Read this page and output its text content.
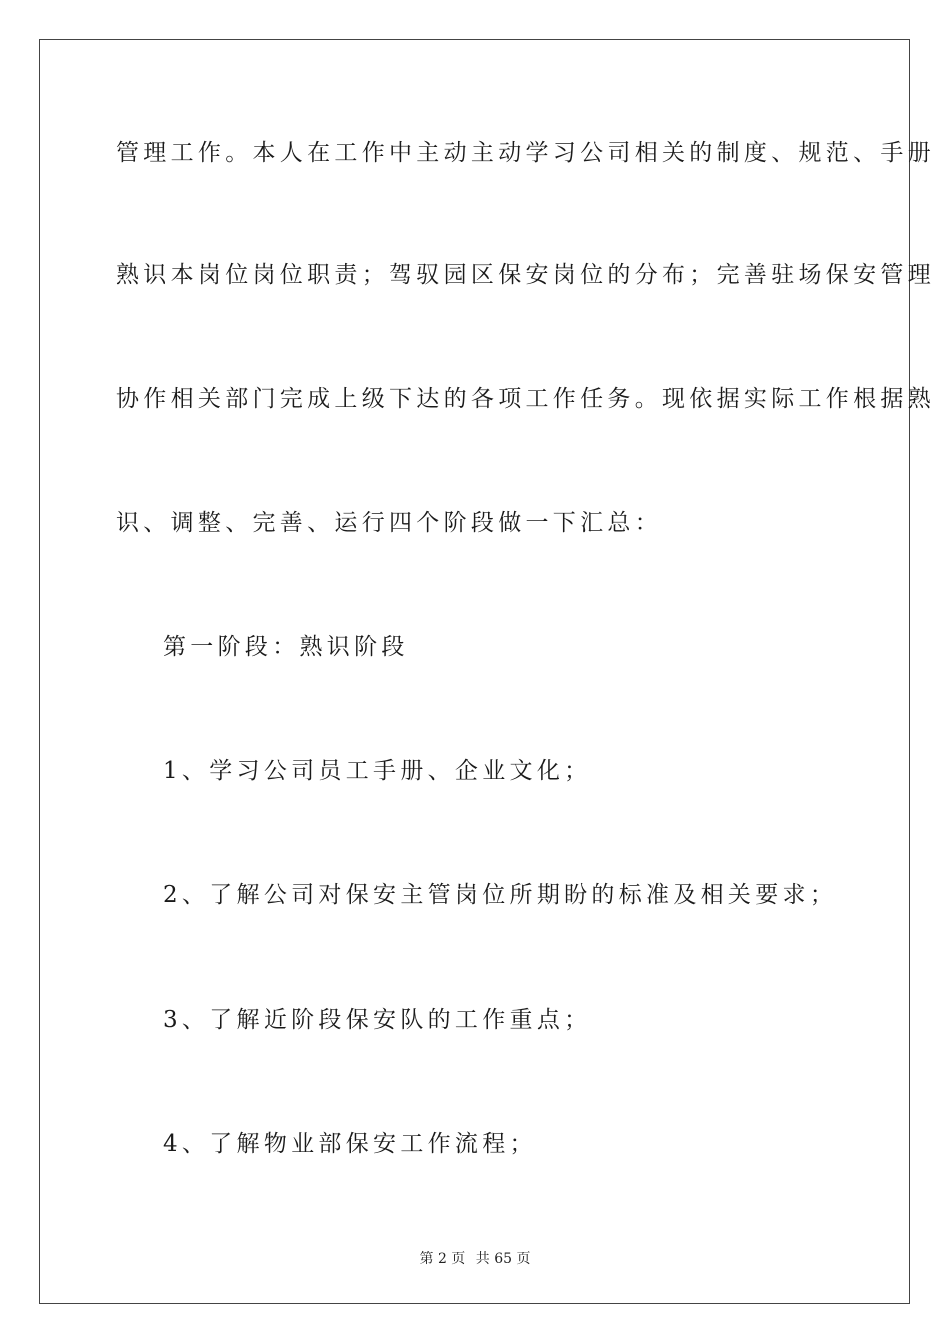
管理工作。本人在工作中主动主动学习公司相关的制度、规范、手册
熟识本岗位岗位职责；驾驭园区保安岗位的分布；完善驻场保安管理
协作相关部门完成上级下达的各项工作任务。现依据实际工作根据熟
识、调整、完善、运行四个阶段做一下汇总：
第一阶段：熟识阶段
1、学习公司员工手册、企业文化；
2、了解公司对保安主管岗位所期盼的标准及相关要求；
3、了解近阶段保安队的工作重点；
4、了解物业部保安工作流程；
第 2 页 共 65 页
